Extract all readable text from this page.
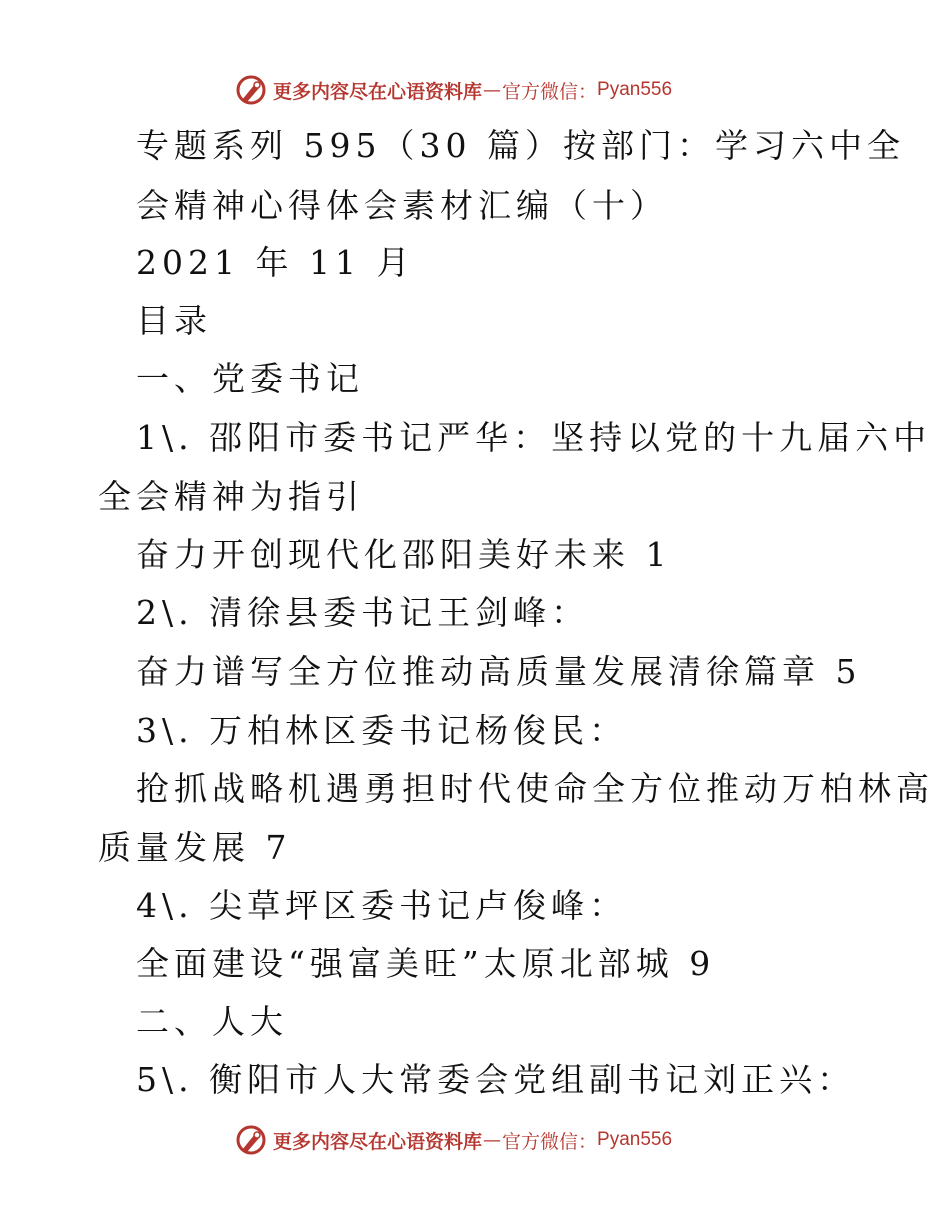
更多内容尽在心语资料库 — 官方微信： Pyan556
专题系列 595（30 篇）按部门：学习六中全
会精神心得体会素材汇编（十）
2021 年 11 月
目录
一、党委书记
1\. 邵阳市委书记严华：坚持以党的十九届六中
全会精神为指引
奋力开创现代化邵阳美好未来 1
2\. 清徐县委书记王剑峰：
奋力谱写全方位推动高质量发展清徐篇章 5
3\. 万柏林区委书记杨俊民：
抢抓战略机遇勇担时代使命全方位推动万柏林高
质量发展 7
4\. 尖草坪区委书记卢俊峰：
全面建设“强富美旺”太原北部城 9
二、人大
5\. 衡阳市人大常委会党组副书记刘正兴：
更多内容尽在心语资料库 — 官方微信： Pyan556
